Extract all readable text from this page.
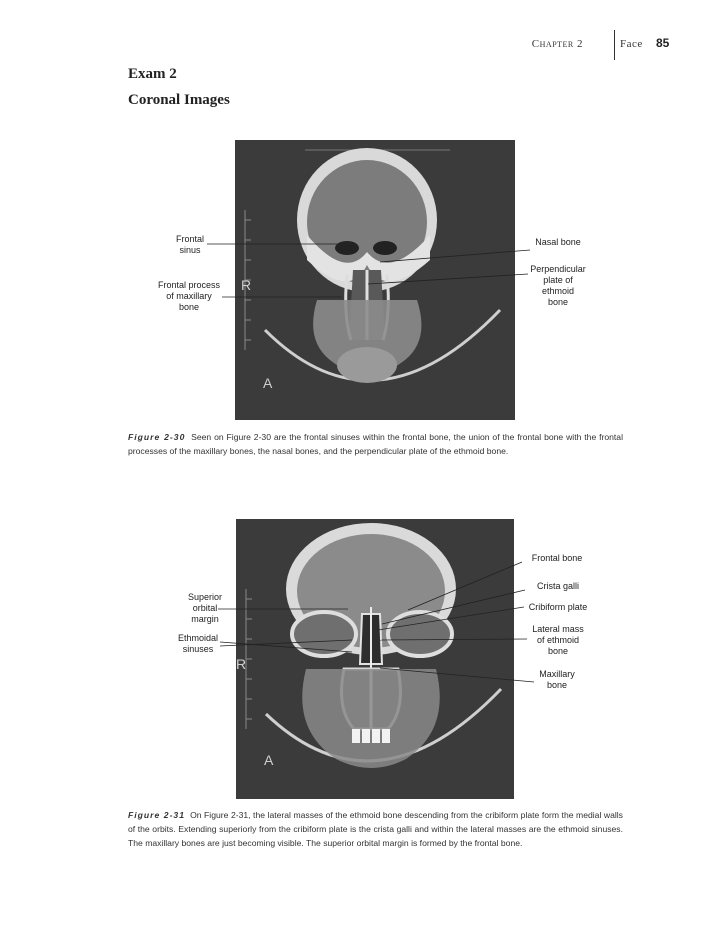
Chapter 2	Face 85
Exam 2
Coronal Images
R
A
Frontal
sinus
Frontal process
of maxillary
bone
Nasal bone
Perpendicular
plate of
ethmoid
bone
Figure 2-30 Seen on Figure 2-30 are the frontal sinuses within the frontal bone, the union of the frontal bone with the frontal processes of the maxillary bones, the nasal bones, and the perpendicular plate of the ethmoid bone.
R
A
Frontal bone
Crista galli
Cribiform plate
Lateral mass
of ethmoid
bone
Maxillary
bone
Superior
orbital
margin
Ethmoidal
sinuses
Figure 2-31 On Figure 2-31, the lateral masses of the ethmoid bone descending from the cribiform plate form the medial walls of the orbits. Extending superiorly from the cribiform plate is the crista galli and within the lateral masses are the ethmoid sinuses. The maxillary bones are just becoming visible. The superior orbital margin is formed by the frontal bone.
